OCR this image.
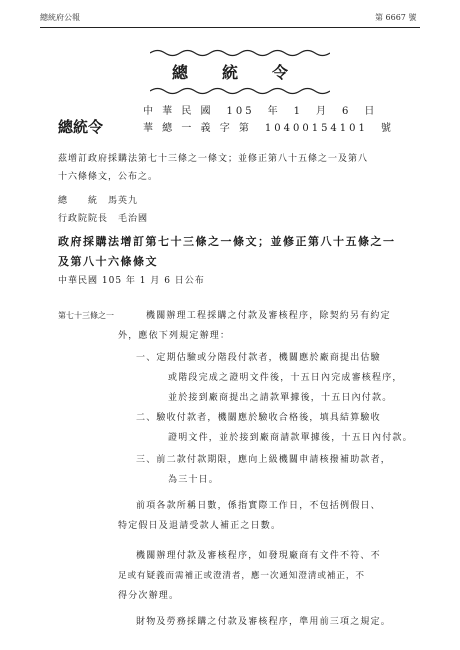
總統府公報	第 6667 號
總統令
總統令
中 華 民 國　105　年　1　月　6　日
華 總 一 義 字 第　10400154101　號
茲增訂政府採購法第七十三條之一條文；並修正第八十五條之一及第八
十六條條文，公布之。
總　　統　 馬英九
行政院院長　 毛治國
政府採購法增訂第七十三條之一條文；並修正第八十五條之一
及第八十六條條文
中華民國 105 年 1 月 6 日公布
第七十三條之一	機關辦理工程採購之付款及審核程序，除契約另有約定
外，應依下列規定辦理：
一、定期估驗或分階段付款者，機關應於廠商提出估驗
或階段完成之證明文件後，十五日內完成審核程序，
並於接到廠商提出之請款單據後，十五日內付款。
二、驗收付款者，機關應於驗收合格後，填具結算驗收
證明文件，並於接到廠商請款單據後，十五日內付款。
三、前二款付款期限，應向上級機關申請核撥補助款者，
為三十日。
前項各款所稱日數，係指實際工作日，不包括例假日、
特定假日及退請受款人補正之日數。
機關辦理付款及審核程序，如發現廠商有文件不符、不
足或有疑義而需補正或澄清者，應一次通知澄清或補正，不
得分次辦理。
財物及勞務採購之付款及審核程序，準用前三項之規定。
